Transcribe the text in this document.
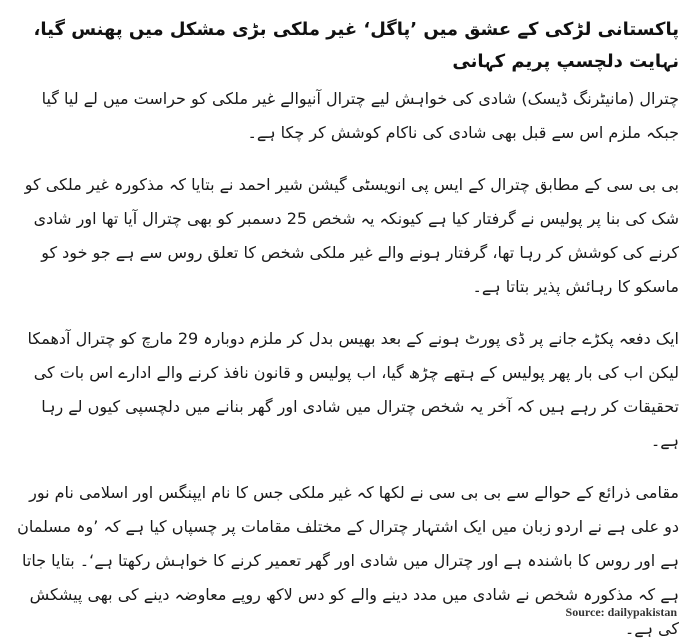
پاکستانی لڑکی کے عشق میں ’پاگل‘ غیر ملکی بڑی مشکل میں پھنس گیا، نہایت دلچسپ پریم کہانی

چترال (مانیٹرنگ ڈیسک) شادی کی خواہش لیے چترال آنیوالے غیر ملکی کو حراست میں لے لیا گیا جبکہ ملزم اس سے قبل بھی شادی کی ناکام کوشش کر چکا ہے۔

بی بی سی کے مطابق چترال کے ایس پی انویسٹی گیشن شیر احمد نے بتایا کہ مذکورہ غیر ملکی کو شک کی بنا پر پولیس نے گرفتار کیا ہے کیونکہ یہ شخص 25 دسمبر کو بھی چترال آیا تھا اور شادی کرنے کی کوشش کر رہا تھا، گرفتار ہونے والے غیر ملکی شخص کا تعلق روس سے ہے جو خود کو ماسکو کا رہائش پذیر بتاتا ہے۔

ایک دفعہ پکڑے جانے پر ڈی پورٹ ہونے کے بعد بھیس بدل کر ملزم دوبارہ 29 مارچ کو چترال آدھمکا لیکن اب کی بار پھر پولیس کے ہتھے چڑھ گیا، اب پولیس و قانون نافذ کرنے والے ادارے اس بات کی تحقیقات کر رہے ہیں کہ آخر یہ شخص چترال میں شادی اور گھر بنانے میں دلچسپی کیوں لے رہا ہے۔

مقامی ذرائع کے حوالے سے بی بی سی نے لکھا کہ غیر ملکی جس کا نام ایپنگس اور اسلامی نام نور دو علی ہے نے اردو زبان میں ایک اشتہار چترال کے مختلف مقامات پر چسپاں کیا ہے کہ ’وہ مسلمان ہے اور روس کا باشندہ ہے اور چترال میں شادی اور گھر تعمیر کرنے کا خواہش رکھتا ہے‘۔ بتایا جاتا ہے کہ مذکورہ شخص نے شادی میں مدد دینے والے کو دس لاکھ روپے معاوضہ دینے کی بھی پیشکش کی ہے۔

Source: dailypakistan
